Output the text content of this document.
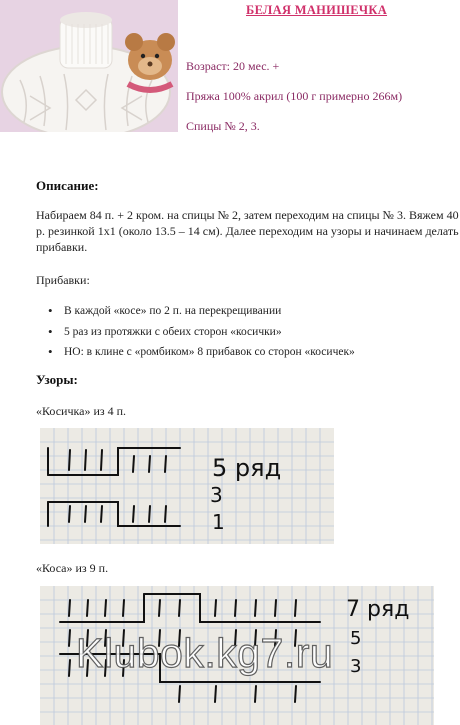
БЕЛАЯ МАНИШЕЧКА
Возраст: 20 мес. +
Пряжа 100% акрил (100 г примерно 266м)
Спицы № 2, 3.
Описание:
Набираем 84 п. + 2 кром. на спицы № 2, затем переходим на спицы № 3. Вяжем 40 р. резинкой 1х1 (около 13.5 – 14 см). Далее переходим на узоры и начинаем делать прибавки.
Прибавки:
• В каждой «косе» по 2 п. на перекрещивании
• 5 раз из протяжки с обеих сторон «косички»
• НО: в клине с «ромбиком» 8 прибавок со сторон «косичек»
Узоры:
«Косичка» из 4 п.
5 ряд
3
1
«Коса» из 9 п.
7 ряд
5
3
Klubok.kg7.ru
